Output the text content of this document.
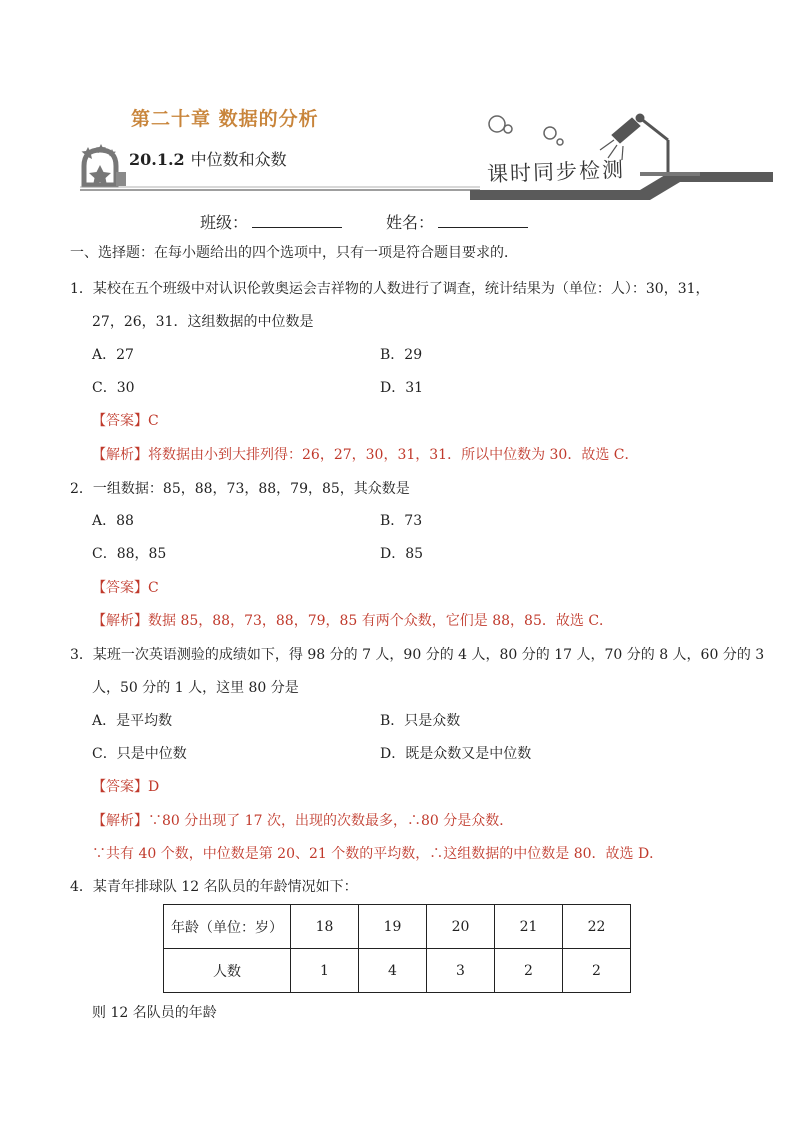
第二十章 数据的分析
20.1.2 中位数和众数	课时同步检测
班级：	姓名：
一、选择题：在每小题给出的四个选项中，只有一项是符合题目要求的．
1．某校在五个班级中对认识伦敦奥运会吉祥物的人数进行了调查，统计结果为（单位：人）：30，31，
27，26，31．这组数据的中位数是
A．27	B．29
C．30	D．31
【答案】C
【解析】将数据由小到大排列得：26，27，30，31，31．所以中位数为 30．故选 C．
2．一组数据：85，88，73，88，79，85，其众数是
A．88	B．73
C．88，85	D．85
【答案】C
【解析】数据 85，88，73，88，79，85 有两个众数，它们是 88，85．故选 C．
3．某班一次英语测验的成绩如下，得 98 分的 7 人，90 分的 4 人，80 分的 17 人，70 分的 8 人，60 分的 3
人，50 分的 1 人，这里 80 分是
A．是平均数	B．只是众数
C．只是中位数	D．既是众数又是中位数
【答案】D
【解析】∵80 分出现了 17 次，出现的次数最多，∴80 分是众数．
∵共有 40 个数，中位数是第 20、21 个数的平均数，∴这组数据的中位数是 80．故选 D．
4．某青年排球队 12 名队员的年龄情况如下：
年龄（单位：岁）	18	19	20	21	22
人数	1	4	3	2	2
则 12 名队员的年龄
